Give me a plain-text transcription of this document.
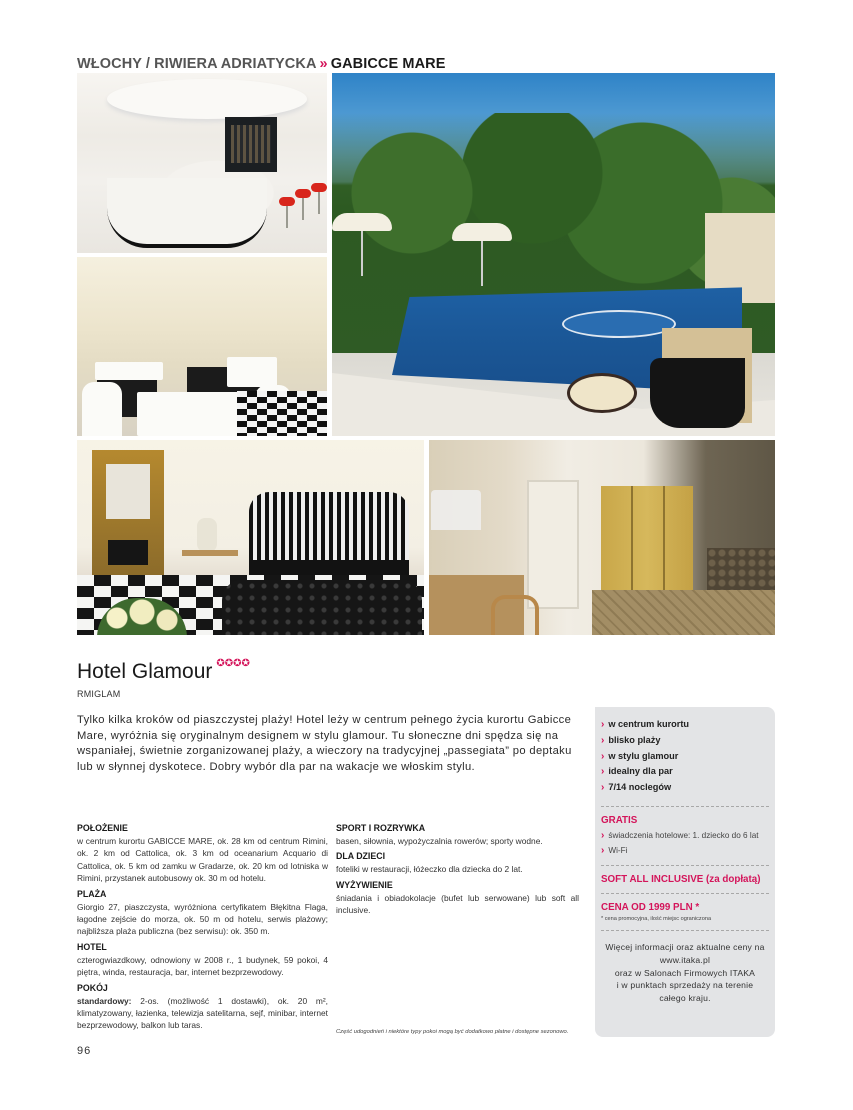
WŁOCHY / RIWIERA ADRIATYCKA » GABICCE MARE
Hotel Glamour ✪✪✪✪
RMIGLAM
Tylko kilka kroków od piaszczystej plaży! Hotel leży w centrum pełnego życia kurortu Gabicce Mare, wyróżnia się oryginalnym designem w stylu glamour. Tu słoneczne dni spędza się na wspaniałej, świetnie zorganizowanej plaży, a wieczory na tradycyjnej „passegiata” po deptaku lub w słynnej dyskotece. Dobry wybór dla par na wakacje we włoskim stylu.
POŁOŻENIE

w centrum kurortu GABICCE MARE, ok. 28 km od centrum Rimini, ok. 2 km od Cattolica, ok. 3 km od oceanarium Acquario di Cattolica, ok. 5 km od zamku w Gradarze, ok. 20 km od lotniska w Rimini, przystanek autobusowy ok. 30 m od hotelu.

PLAŻA

Giorgio 27, piaszczysta, wyróżniona certyfikatem Błękitna Flaga, łagodne zejście do morza, ok. 50 m od hotelu, serwis plażowy; najbliższa plaża publiczna (bez serwisu): ok. 350 m.

HOTEL

czterogwiazdkowy, odnowiony w 2008 r., 1 budynek, 59 pokoi, 4 piętra, winda, restauracja, bar, internet bezprzewodowy.

POKÓJ

standardowy: 2-os. (możliwość 1 dostawki), ok. 20 m², klimatyzowany, łazienka, telewizja satelitarna, sejf, minibar, internet bezprzewodowy, balkon lub taras.

SPORT I ROZRYWKA

basen, siłownia, wypożyczalnia rowerów; sporty wodne.

DLA DZIECI

foteliki w restauracji, łóżeczko dla dziecka do 2 lat.

WYŻYWIENIE

śniadania i obiadokolacje (bufet lub serwowane) lub soft all inclusive.

Część udogodnień i niektóre typy pokoi mogą być dodatkowo płatne i dostępne sezonowo.
96
› w centrum kurortu
› blisko plaży
› w stylu glamour
› idealny dla par
› 7/14 noclegów
GRATIS
› świadczenia hotelowe: 1. dziecko do 6 lat
› Wi-Fi
SOFT ALL INCLUSIVE (za dopłatą)
CENA OD 1999 PLN *
* cena promocyjna, ilość miejsc ograniczona
Więcej informacji oraz aktualne ceny na
www.itaka.pl
oraz w Salonach Firmowych ITAKA
i w punktach sprzedaży na terenie
całego kraju.
